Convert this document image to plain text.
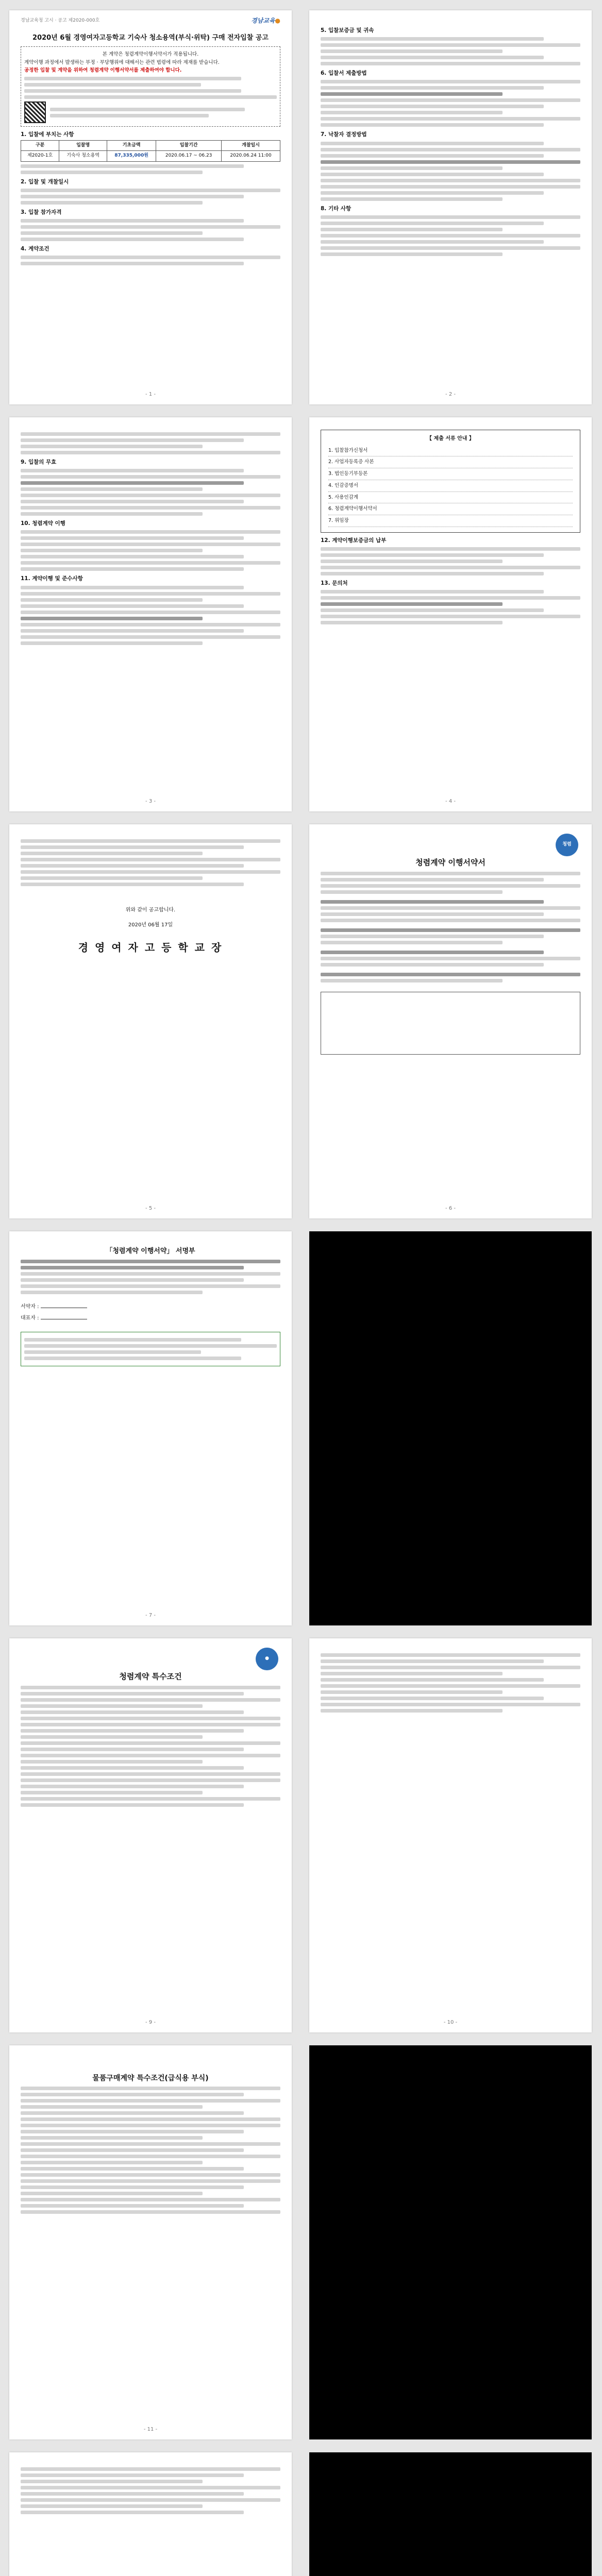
경남교육청 고시 · 공고 제2020-000호	경남교육●
2020년 6월 경영여자고등학교 기숙사 청소용역(부식·위탁) 구매 전자입찰 공고

본 계약은 청렴계약이행서약서가 적용됩니다.

계약이행 과정에서 발생하는 부정 · 부당행위에 대해서는 관련 법령에 따라 제재를 받습니다.

공정한 입찰 및 계약을 위하여 청렴계약 이행서약서를 제출하여야 합니다.

1. 입찰에 부치는 사항
구분	입찰명	기초금액	입찰기간	개찰일시
제2020-1호	기숙사 청소용역	87,335,000원	2020.06.17 ~ 06.23	2020.06.24 11:00
2. 입찰 및 개찰일시
3. 입찰 참가자격
4. 계약조건
- 1 -
5. 입찰보증금 및 귀속
6. 입찰서 제출방법
7. 낙찰자 결정방법
8. 기타 사항
- 2 -
9. 입찰의 무효
10. 청렴계약 이행
11. 계약이행 및 준수사항
- 3 -
【 제출 서류 안내 】
1. 입찰참가신청서
2. 사업자등록증 사본
3. 법인등기부등본
4. 인감증명서
5. 사용인감계
6. 청렴계약이행서약서
7. 위임장
12. 계약이행보증금의 납부
13. 문의처
- 4 -
위와 같이 공고합니다.
2020년 06월 17일
경 영 여 자 고 등 학 교 장
- 5 -
청렴
청렴계약 이행서약서
- 6 -
「청렴계약 이행서약」 서명부

서약자 :

대표자 :

- 7 -
●
청렴계약 특수조건
- 9 -	- 10 -
물품구매계약 특수조건(급식용 부식)
- 11 -
